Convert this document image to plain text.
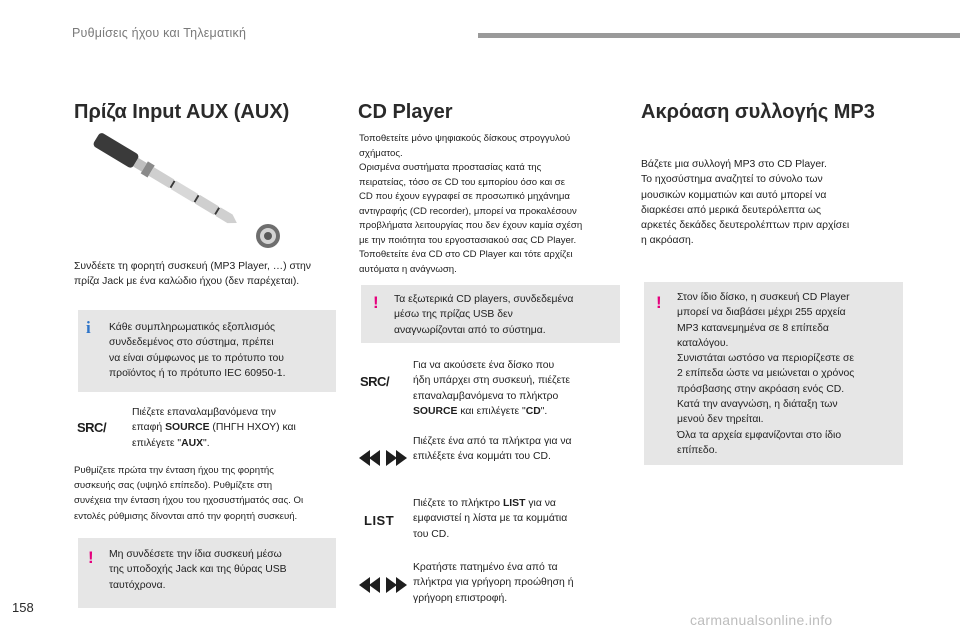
Ρυθμίσεις ήχου και Τηλεματική
Πρίζα Input AUX (AUX)
Συνδέετε τη φορητή συσκευή (MP3 Player, …) στην
πρίζα Jack με ένα καλώδιο ήχου (δεν παρέχεται).
i Κάθε συμπληρωματικός εξοπλισμός
συνδεδεμένος στο σύστημα, πρέπει
να είναι σύμφωνος με το πρότυπο του
προϊόντος ή το πρότυπο IEC 60950-1.
SRC/
Πιέζετε επαναλαμβανόμενα την
επαφή SOURCE (ΠΗΓΗ ΗΧΟΥ) και
επιλέγετε "AUX".
Ρυθμίζετε πρώτα την ένταση ήχου της φορητής
συσκευής σας (υψηλό επίπεδο). Ρυθμίζετε στη
συνέχεια την ένταση ήχου του ηχοσυστήματός σας. Οι
εντολές ρύθμισης δίνονται από την φορητή συσκευή.
! Μη συνδέσετε την ίδια συσκευή μέσω
της υποδοχής Jack και της θύρας USB
ταυτόχρονα.
CD Player
Τοποθετείτε μόνο ψηφιακούς δίσκους στρογγυλού
σχήματος.
Ορισμένα συστήματα προστασίας κατά της
πειρατείας, τόσο σε CD του εμπορίου όσο και σε
CD που έχουν εγγραφεί σε προσωπικό μηχάνημα
αντιγραφής (CD recorder), μπορεί να προκαλέσουν
προβλήματα λειτουργίας που δεν έχουν καμία σχέση
με την ποιότητα του εργοστασιακού σας CD Player.
Τοποθετείτε ένα CD στο CD Player και τότε αρχίζει
αυτόματα η ανάγνωση.
! Τα εξωτερικά CD players, συνδεδεμένα
μέσω της πρίζας USB δεν
αναγνωρίζονται από το σύστημα.
SRC/
Για να ακούσετε ένα δίσκο που
ήδη υπάρχει στη συσκευή, πιέζετε
επαναλαμβανόμενα το πλήκτρο
SOURCE και επιλέγετε "CD".
Πιέζετε ένα από τα πλήκτρα για να
επιλέξετε ένα κομμάτι του CD.
LIST
Πιέζετε το πλήκτρο LIST για να
εμφανιστεί η λίστα με τα κομμάτια
του CD.
Κρατήστε πατημένο ένα από τα
πλήκτρα για γρήγορη προώθηση ή
γρήγορη επιστροφή.
Ακρόαση συλλογής MP3
Βάζετε μια συλλογή MP3 στο CD Player.
Το ηχοσύστημα αναζητεί το σύνολο των
μουσικών κομματιών και αυτό μπορεί να
διαρκέσει από μερικά δευτερόλεπτα ως
αρκετές δεκάδες δευτερολέπτων πριν αρχίσει
η ακρόαση.
! Στον ίδιο δίσκο, η συσκευή CD Player
μπορεί να διαβάσει μέχρι 255 αρχεία
MP3 κατανεμημένα σε 8 επίπεδα
καταλόγου.
Συνιστάται ωστόσο να περιορίζεστε σε
2 επίπεδα ώστε να μειώνεται ο χρόνος
πρόσβασης στην ακρόαση ενός CD.
Κατά την αναγνώση, η διάταξη των
μενού δεν τηρείται.
Όλα τα αρχεία εμφανίζονται στο ίδιο
επίπεδο.
158
carmanualsonline.info
